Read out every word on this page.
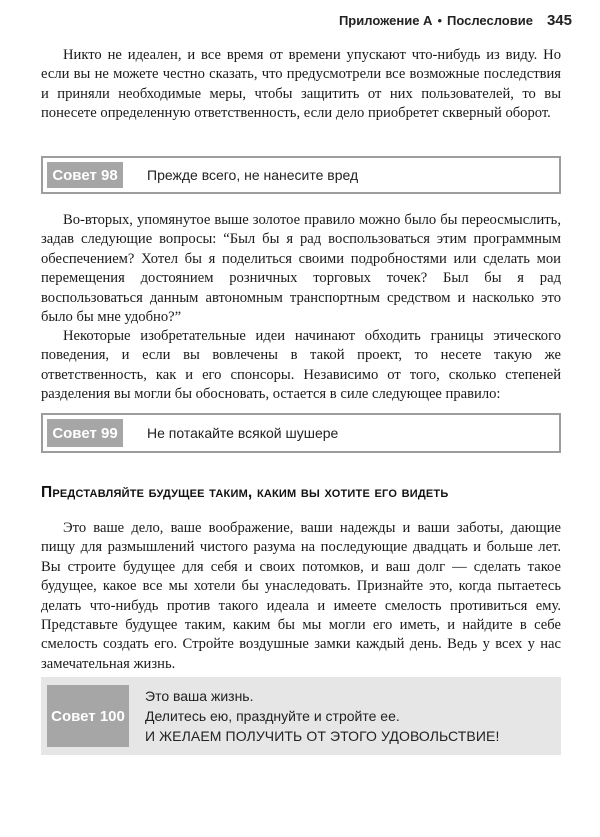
Приложение А • Послесловие 345

Никто не идеален, и все время от времени упускают что-нибудь из виду. Но если вы не можете честно сказать, что предусмотрели все возможные последствия и приняли необходимые меры, чтобы защитить от них пользователей, то вы понесете определенную ответственность, если дело приобретет скверный оборот.

Совет 98	Прежде всего, не нанесите вред

Во-вторых, упомянутое выше золотое правило можно было бы переосмыслить, задав следующие вопросы: “Был бы я рад воспользоваться этим программным обеспечением? Хотел бы я поделиться своими подробностями или сделать мои перемещения достоянием розничных торговых точек? Был бы я рад воспользоваться данным автономным транспортным средством и насколько это было бы мне удобно?”

Некоторые изобретательные идеи начинают обходить границы этического поведения, и если вы вовлечены в такой проект, то несете такую же ответственность, как и его спонсоры. Независимо от того, сколько степеней разделения вы могли бы обосновать, остается в силе следующее правило:

Совет 99	Не потакайте всякой шушере
Представляйте будущее таким, каким вы хотите его видеть

Это ваше дело, ваше воображение, ваши надежды и ваши заботы, дающие пищу для размышлений чистого разума на последующие двадцать и больше лет. Вы строите будущее для себя и своих потомков, и ваш долг — сделать такое будущее, какое все мы хотели бы унаследовать. Признайте это, когда пытаетесь делать что-нибудь против такого идеала и имеете смелость противиться ему. Представьте будущее таким, каким бы мы могли его иметь, и найдите в себе смелость создать его. Стройте воздушные замки каждый день. Ведь у всех у нас замечательная жизнь.

Совет 100
Это ваша жизнь.
Делитесь ею, празднуйте и стройте ее.
И ЖЕЛАЕМ ПОЛУЧИТЬ ОТ ЭТОГО УДОВОЛЬСТВИЕ!
